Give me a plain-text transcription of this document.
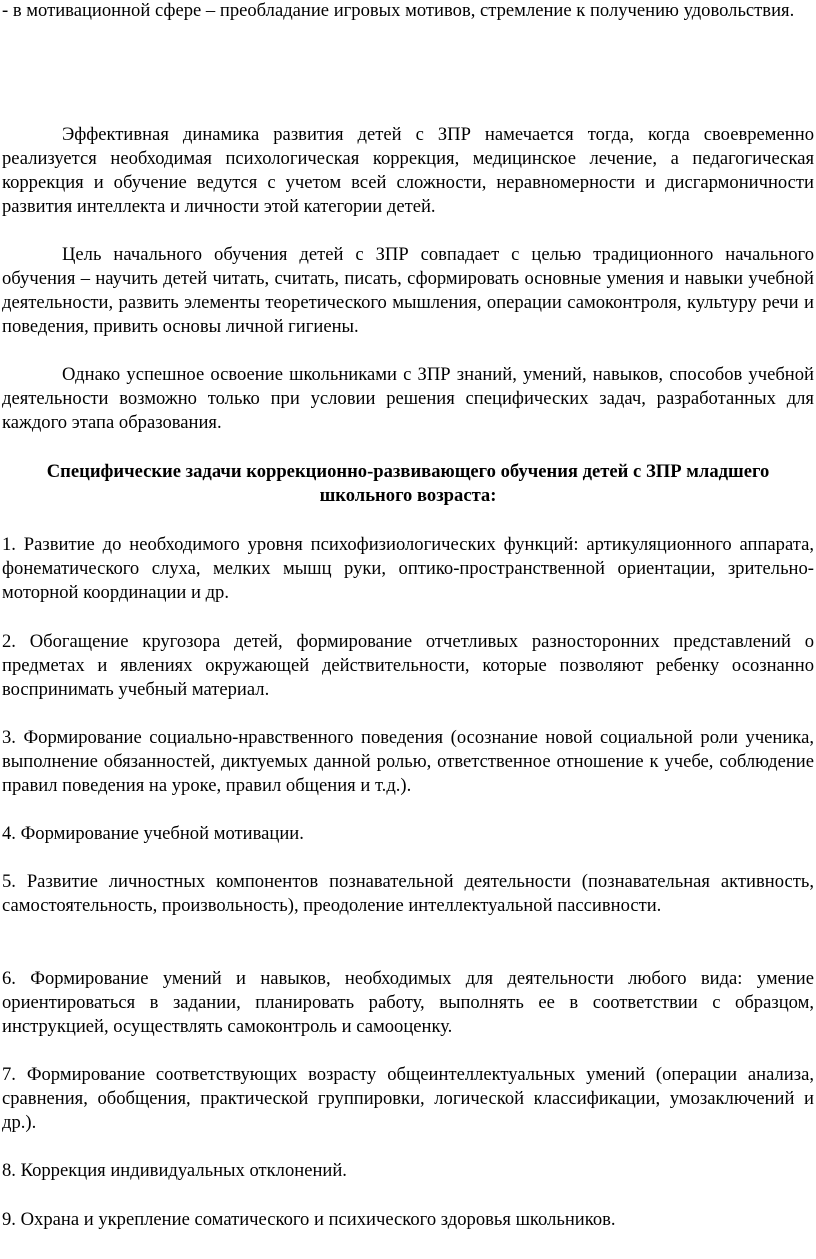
- в мотивационной сфере – преобладание игровых мотивов, стремление к получению удовольствия.

Эффективная динамика развития детей с ЗПР намечается тогда, когда своевременно реализуется необходимая психологическая коррекция, медицинское лечение, а педагогическая коррекция и обучение ведутся с учетом всей сложности, неравномерности и дисгармоничности развития интеллекта и личности этой категории детей.

Цель начального обучения детей с ЗПР совпадает с целью традиционного начального обучения – научить детей читать, считать, писать, сформировать основные умения и навыки учебной деятельности, развить элементы теоретического мышления, операции самоконтроля, культуру речи и поведения, привить основы личной гигиены.

Однако успешное освоение школьниками с ЗПР знаний, умений, навыков, способов учебной деятельности возможно только при условии решения специфических задач, разработанных для каждого этапа образования.

Специфические задачи коррекционно-развивающего обучения детей с ЗПР младшего школьного возраста:

1. Развитие до необходимого уровня психофизиологических функций: артикуляционного аппарата, фонематического слуха, мелких мышц руки, оптико-пространственной ориентации, зрительно-моторной координации и др.

2. Обогащение кругозора детей, формирование отчетливых разносторонних представлений о предметах и явлениях окружающей действительности, которые позволяют ребенку осознанно воспринимать учебный материал.

3. Формирование социально-нравственного поведения (осознание новой социальной роли ученика, выполнение обязанностей, диктуемых данной ролью, ответственное отношение к учебе, соблюдение правил поведения на уроке, правил общения и т.д.).

4. Формирование учебной мотивации.

5. Развитие личностных компонентов познавательной деятельности (познавательная активность, самостоятельность, произвольность), преодоление интеллектуальной пассивности.

6. Формирование умений и навыков, необходимых для деятельности любого вида: умение ориентироваться в задании, планировать работу, выполнять ее в соответствии с образцом, инструкцией, осуществлять самоконтроль и самооценку.

7. Формирование соответствующих возрасту общеинтеллектуальных умений (операции анализа, сравнения, обобщения, практической группировки, логической классификации, умозаключений и др.).

8. Коррекция индивидуальных отклонений.

9. Охрана и укрепление соматического и психического здоровья школьников.
